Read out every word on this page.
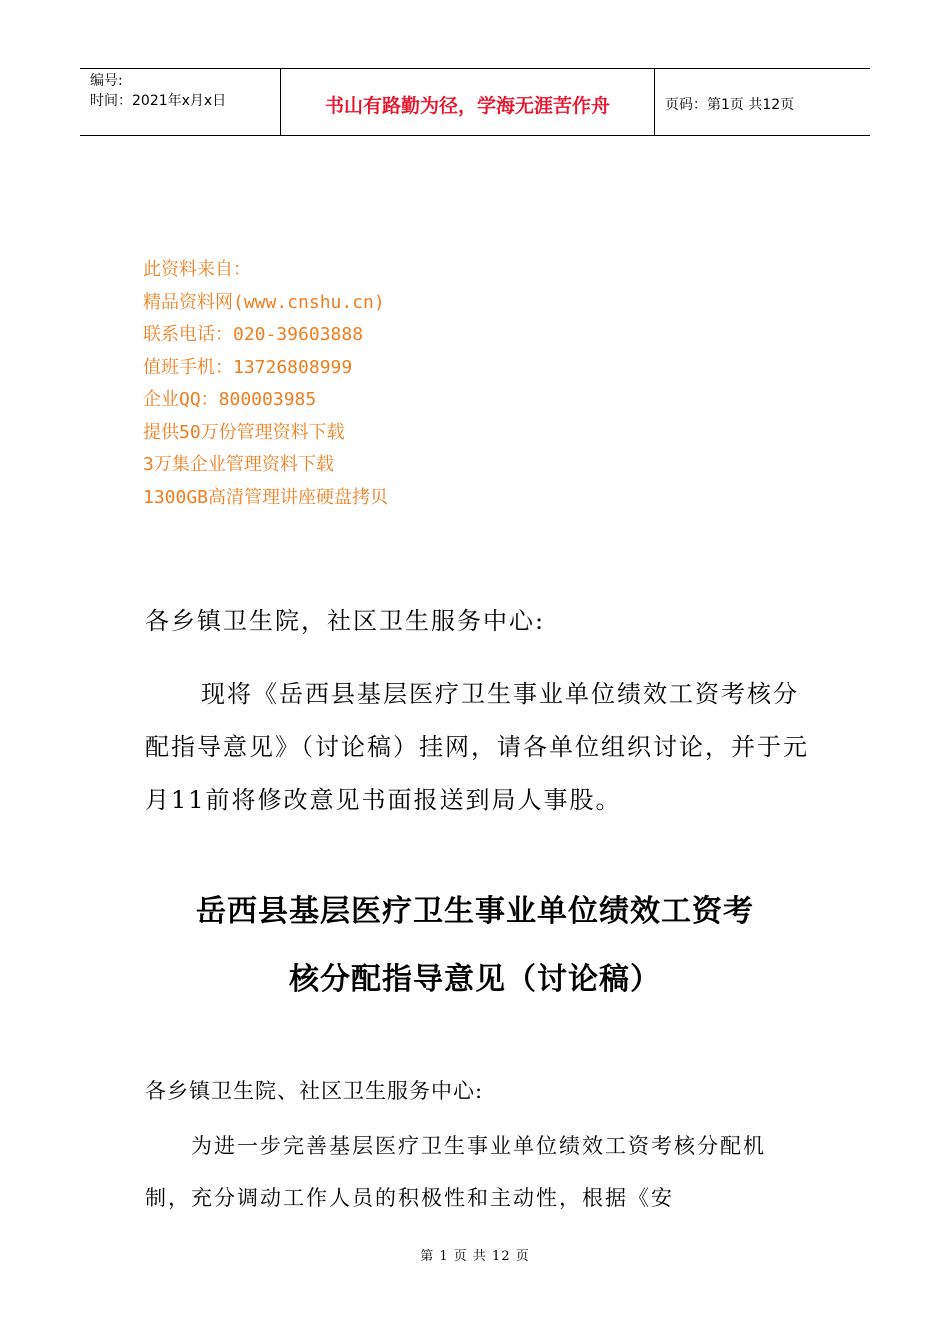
编号:
时间：2021年x月x日	书山有路勤为径，学海无涯苦作舟	页码：第1页 共12页
此资料来自：
精品资料网(www.cnshu.cn)
联系电话：020-39603888
值班手机：13726808999
企业QQ：800003985
提供50万份管理资料下载
3万集企业管理资料下载
1300GB高清管理讲座硬盘拷贝
各乡镇卫生院，社区卫生服务中心:
现将《岳西县基层医疗卫生事业单位绩效工资考核分配指导意见》（讨论稿）挂网，请各单位组织讨论，并于元月11前将修改意见书面报送到局人事股。
岳西县基层医疗卫生事业单位绩效工资考
核分配指导意见（讨论稿）
各乡镇卫生院、社区卫生服务中心:
为进一步完善基层医疗卫生事业单位绩效工资考核分配机制，充分调动工作人员的积极性和主动性，根据《安
第 1 页 共 12 页
